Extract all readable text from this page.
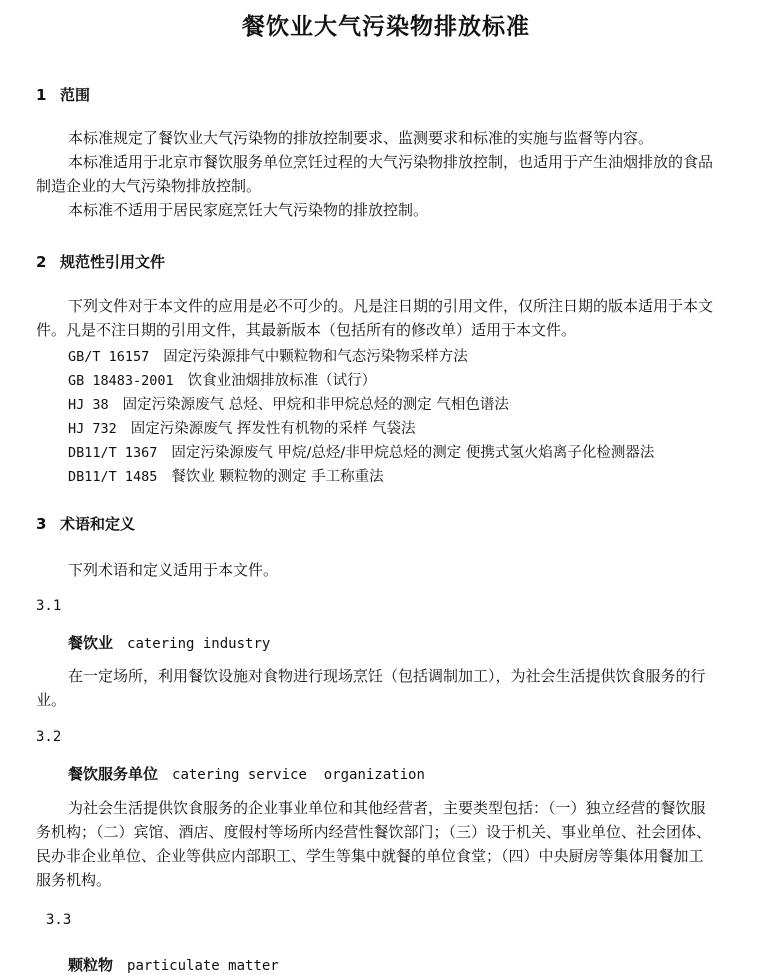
餐饮业大气污染物排放标准
1 范围
本标准规定了餐饮业大气污染物的排放控制要求、监测要求和标准的实施与监督等内容。
本标准适用于北京市餐饮服务单位烹饪过程的大气污染物排放控制，也适用于产生油烟排放的食品
制造企业的大气污染物排放控制。
本标准不适用于居民家庭烹饪大气污染物的排放控制。
2 规范性引用文件
下列文件对于本文件的应用是必不可少的。凡是注日期的引用文件，仅所注日期的版本适用于本文
件。凡是不注日期的引用文件，其最新版本（包括所有的修改单）适用于本文件。
GB/T 16157 固定污染源排气中颗粒物和气态污染物采样方法
GB 18483-2001 饮食业油烟排放标准（试行）
HJ 38 固定污染源废气 总烃、甲烷和非甲烷总烃的测定 气相色谱法
HJ 732 固定污染源废气 挥发性有机物的采样 气袋法
DB11/T 1367 固定污染源废气 甲烷/总烃/非甲烷总烃的测定 便携式氢火焰离子化检测器法
DB11/T 1485 餐饮业 颗粒物的测定 手工称重法
3 术语和定义
下列术语和定义适用于本文件。
3.1
餐饮业 catering industry
在一定场所，利用餐饮设施对食物进行现场烹饪（包括调制加工），为社会生活提供饮食服务的行
业。
3.2
餐饮服务单位 catering service  organization
为社会生活提供饮食服务的企业事业单位和其他经营者，主要类型包括：（一）独立经营的餐饮服
务机构；（二）宾馆、酒店、度假村等场所内经营性餐饮部门；（三）设于机关、事业单位、社会团体、
民办非企业单位、企业等供应内部职工、学生等集中就餐的单位食堂；（四）中央厨房等集体用餐加工
服务机构。
3.3
颗粒物 particulate matter
